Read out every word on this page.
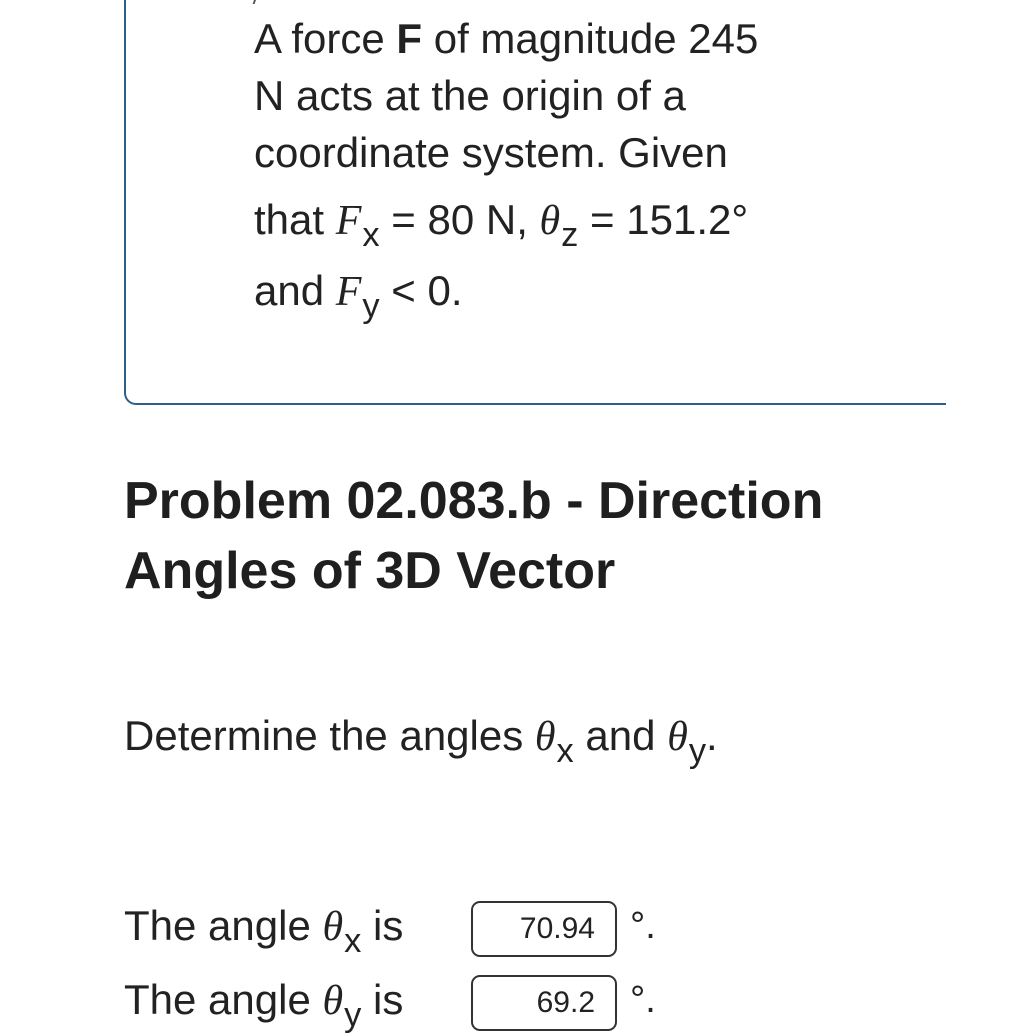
A force F of magnitude 245
N acts at the origin of a
coordinate system. Given
that $F_x = 80$ N, $\theta_z = 151.2^\circ$
and $F_y < 0$.
Problem 02.083.b - Direction Angles of 3D Vector
Determine the angles $\theta_x$ and $\theta_y$.
The angle $\theta_x$ is	70.94 °.
The angle $\theta_y$ is	69.2 °.
